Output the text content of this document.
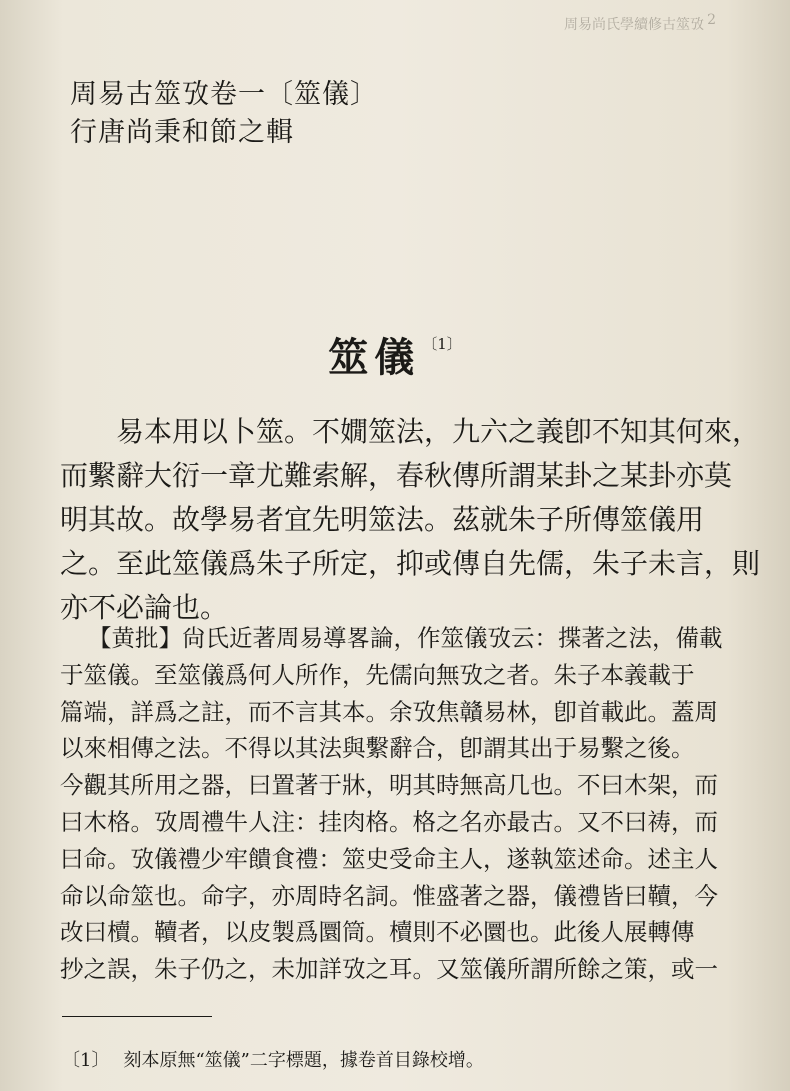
周易尚氏學續修古筮攷 2
周易古筮攷卷一〔筮儀〕
行唐尚秉和節之輯
筮儀 $^{〔1〕}$
易本用以卜筮。不嫺筮法，九六之義卽不知其何來，
而繫辭大衍一章尤難索解，春秋傳所謂某卦之某卦亦莫
明其故。故學易者宜先明筮法。茲就朱子所傳筮儀用
之。至此筮儀爲朱子所定，抑或傳自先儒，朱子未言，則
亦不必論也。
【黄批】尙氏近著周易導畧論，作筮儀攷云：揲著之法，備載
于筮儀。至筮儀爲何人所作，先儒向無攷之者。朱子本義載于
篇端，詳爲之註，而不言其本。余攷焦贛易林，卽首載此。蓋周
以來相傳之法。不得以其法與繫辭合，卽謂其出于易繫之後。
今觀其所用之器，曰置著于牀，明其時無高几也。不曰木架，而
曰木格。攷周禮牛人注：挂肉格。格之名亦最古。又不曰祷，而
曰命。攷儀禮少牢饋食禮：筮史受命主人，遂執筮述命。述主人
命以命筮也。命字，亦周時名詞。惟盛著之器，儀禮皆曰韇，今
改曰櫝。韇者，以皮製爲圜筒。櫝則不必圜也。此後人展轉傳
抄之誤，朱子仍之，未加詳攷之耳。又筮儀所謂所餘之策，或一
〔1〕 刻本原無“筮儀”二字標題，據卷首目錄校增。
